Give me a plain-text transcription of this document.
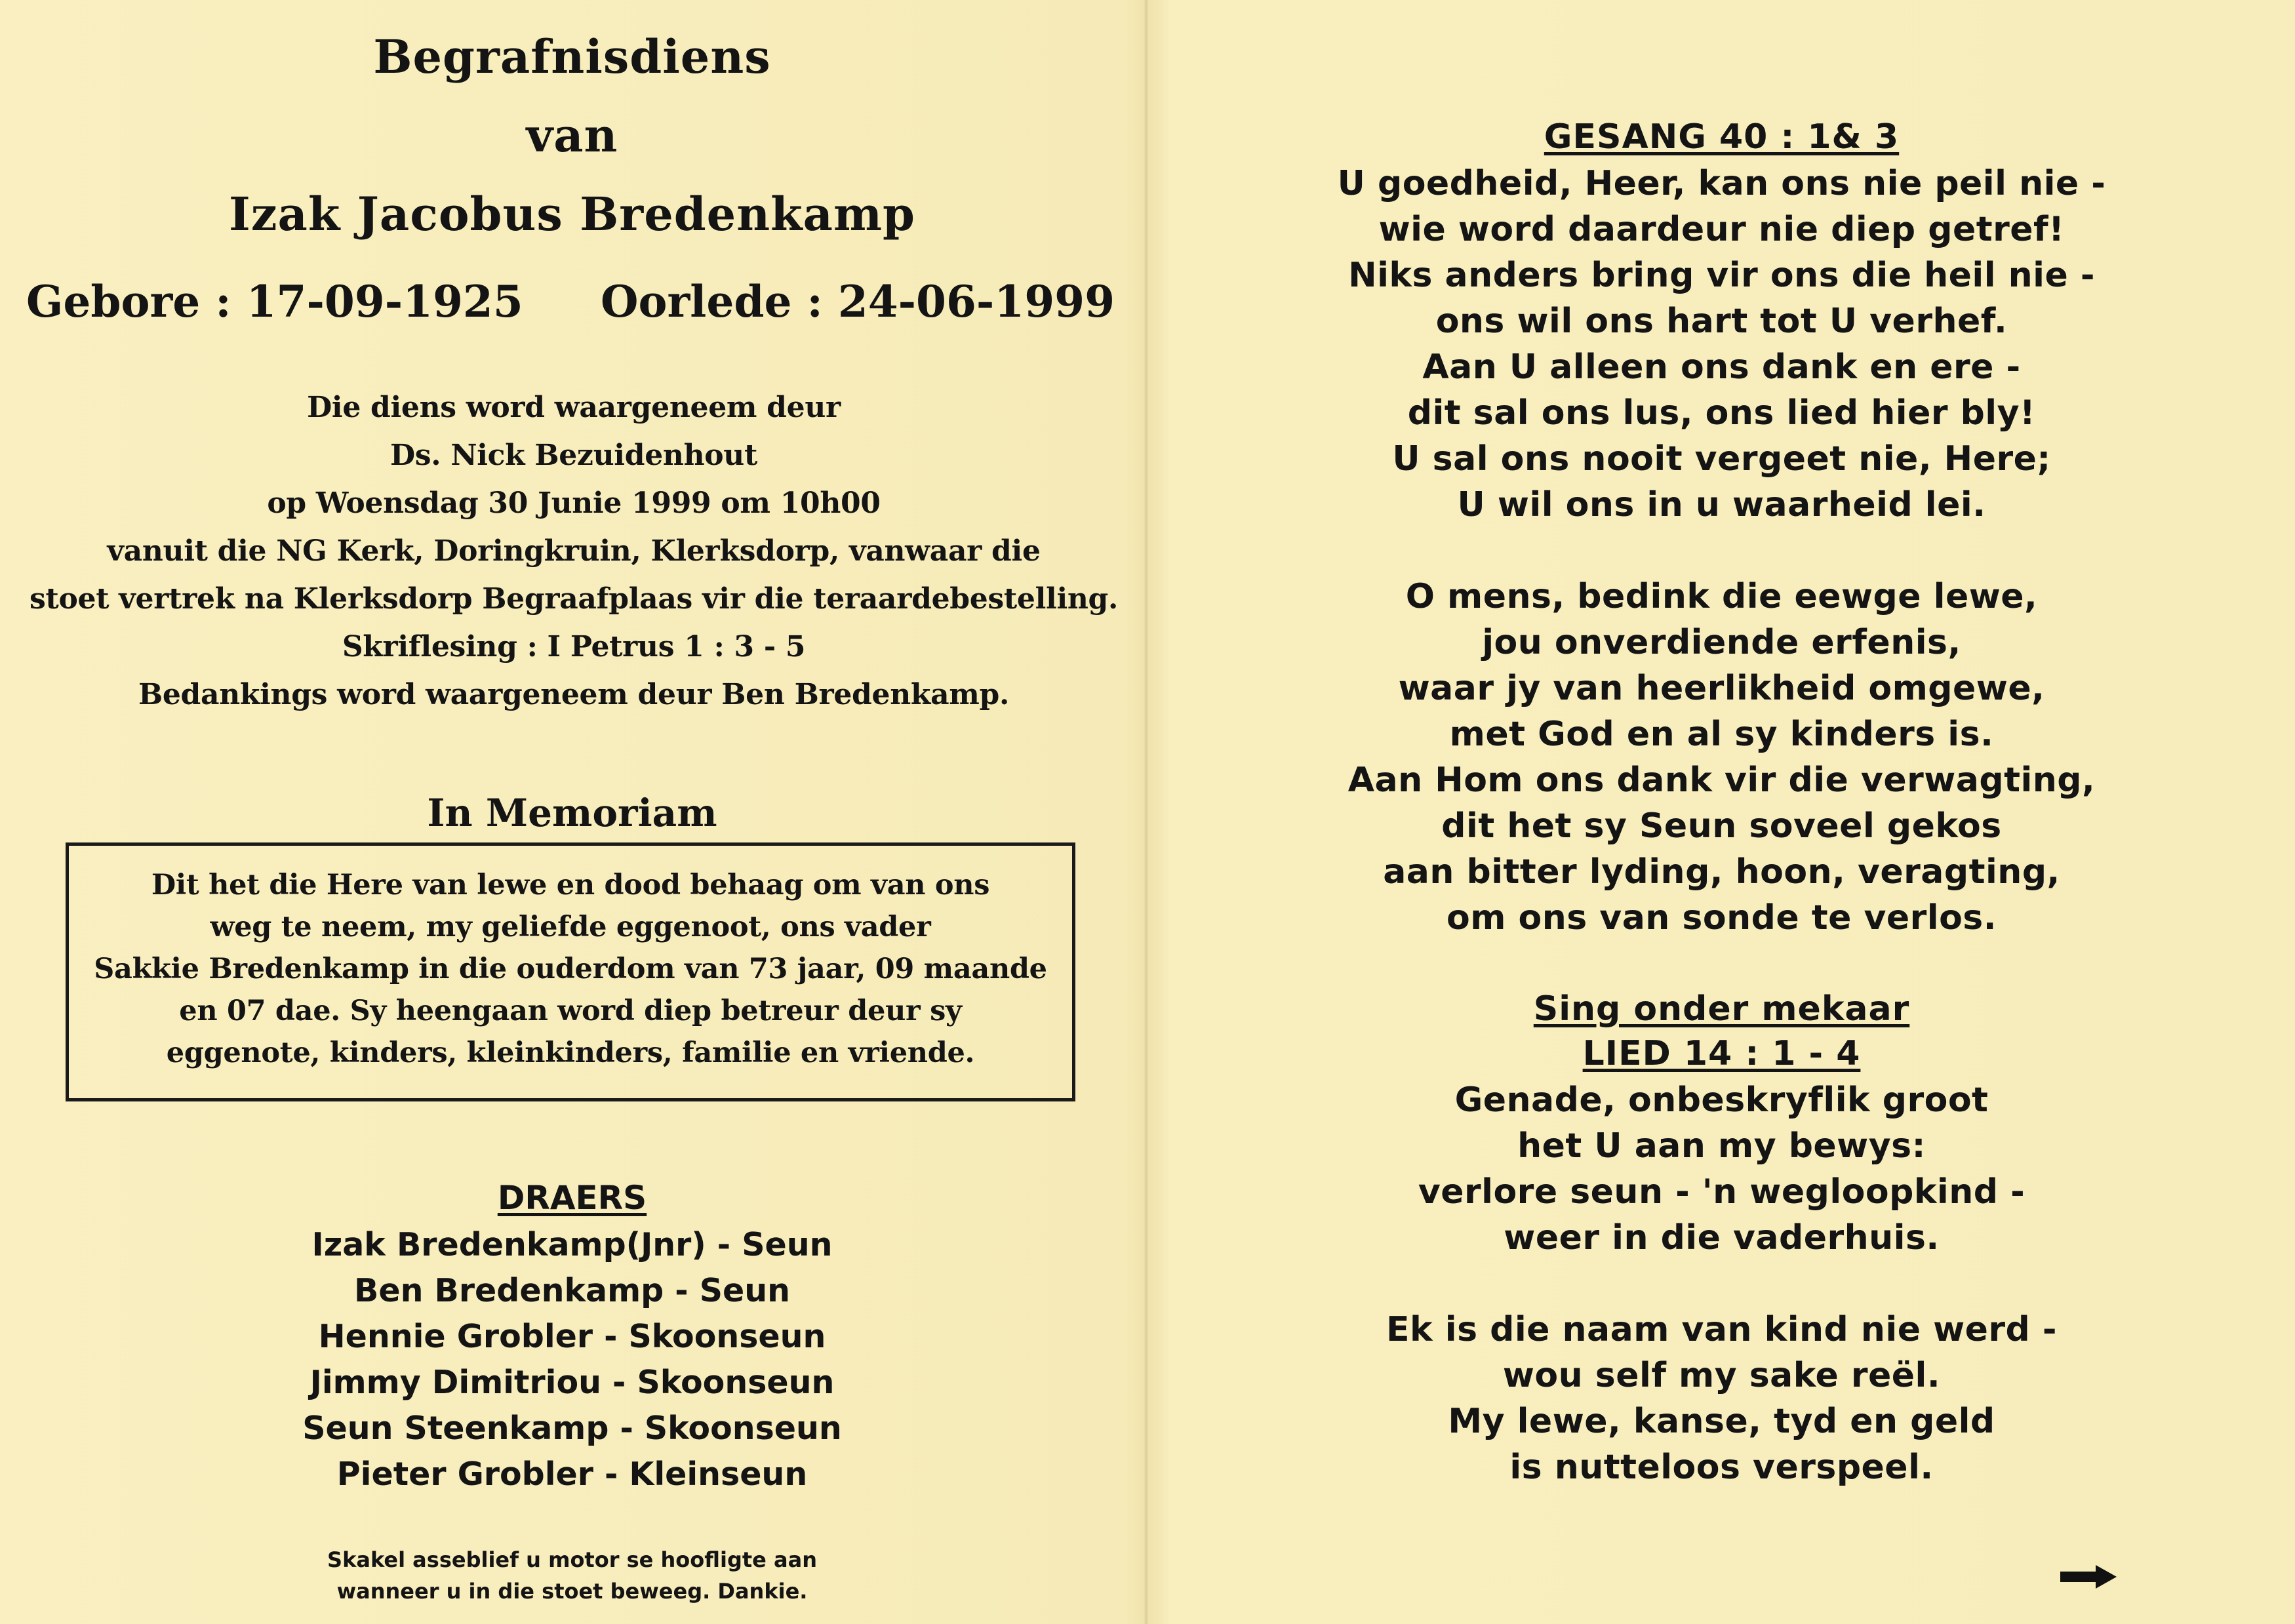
Begrafnisdiens
van
Izak Jacobus Bredenkamp
Gebore : 17-09-1925 Oorlede : 24-06-1999
Die diens word waargeneem deur
Ds. Nick Bezuidenhout
op Woensdag 30 Junie 1999 om 10h00
vanuit die NG Kerk, Doringkruin, Klerksdorp, vanwaar die
stoet vertrek na Klerksdorp Begraafplaas vir die teraardebestelling.
Skriflesing : I Petrus 1 : 3 - 5
Bedankings word waargeneem deur Ben Bredenkamp.
In Memoriam
Dit het die Here van lewe en dood behaag om van ons
weg te neem, my geliefde eggenoot, ons vader
Sakkie Bredenkamp in die ouderdom van 73 jaar, 09 maande
en 07 dae. Sy heengaan word diep betreur deur sy
eggenote, kinders, kleinkinders, familie en vriende.
DRAERS
Izak Bredenkamp(Jnr) - Seun
Ben Bredenkamp - Seun
Hennie Grobler - Skoonseun
Jimmy Dimitriou - Skoonseun
Seun Steenkamp - Skoonseun
Pieter Grobler - Kleinseun
Skakel asseblief u motor se hoofligte aan
wanneer u in die stoet beweeg. Dankie.
GESANG 40 : 1& 3
U goedheid, Heer, kan ons nie peil nie -
wie word daardeur nie diep getref!
Niks anders bring vir ons die heil nie -
ons wil ons hart tot U verhef.
Aan U alleen ons dank en ere -
dit sal ons lus, ons lied hier bly!
U sal ons nooit vergeet nie, Here;
U wil ons in u waarheid lei.
O mens, bedink die eewge lewe,
jou onverdiende erfenis,
waar jy van heerlikheid omgewe,
met God en al sy kinders is.
Aan Hom ons dank vir die verwagting,
dit het sy Seun soveel gekos
aan bitter lyding, hoon, veragting,
om ons van sonde te verlos.
Sing onder mekaar
LIED 14 : 1 - 4
Genade, onbeskryflik groot
het U aan my bewys:
verlore seun - 'n wegloopkind -
weer in die vaderhuis.
Ek is die naam van kind nie werd -
wou self my sake reël.
My lewe, kanse, tyd en geld
is nutteloos verspeel.
